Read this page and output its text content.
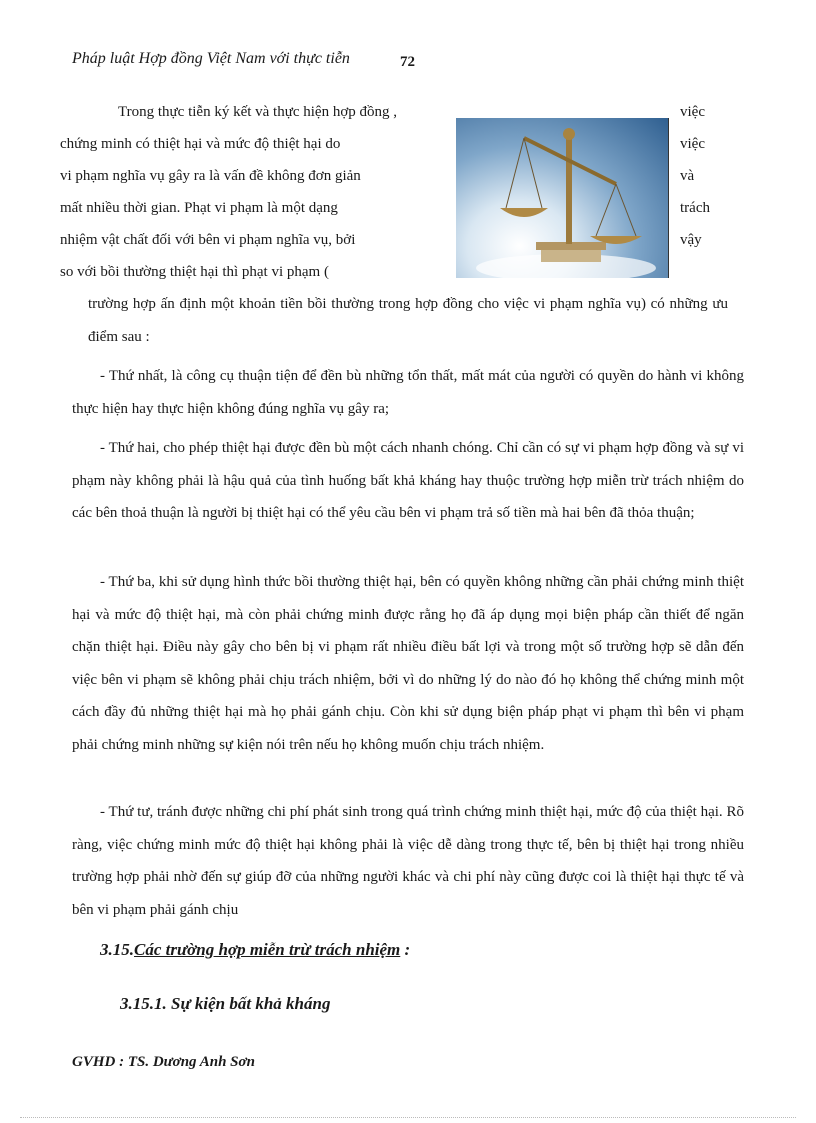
Pháp luật Hợp đồng Việt Nam với thực tiễn	72
Trong thực tiễn ký kết và thực hiện hợp đồng ,	việc
chứng minh có thiệt hại và mức độ thiệt hại do	việc
vi phạm nghĩa vụ gây ra là vấn đề không đơn giản	và
mất nhiều thời gian. Phạt vi phạm là một dạng	trách
nhiệm vật chất đối với bên vi phạm nghĩa vụ, bởi	vậy
so với bồi thường thiệt hại thì phạt vi phạm (
trường hợp ấn định một khoản tiền bồi thường trong hợp đồng cho việc vi phạm nghĩa vụ) có những ưu điểm sau :
- Thứ nhất, là công cụ thuận tiện để đền bù những tổn thất, mất mát của người có quyền do hành vi không thực hiện hay thực hiện không đúng nghĩa vụ gây ra;
- Thứ hai, cho phép thiệt hại được đền bù một cách nhanh chóng. Chỉ cần có sự vi phạm hợp đồng và sự vi phạm này không phải là hậu quả của tình huống bất khả kháng hay thuộc trường hợp miễn trừ trách nhiệm do các bên thoả thuận là người bị thiệt hại có thể yêu cầu bên vi phạm trả số tiền mà hai bên đã thỏa thuận;
- Thứ ba, khi sử dụng hình thức bồi thường thiệt hại, bên có quyền không những cần phải chứng minh thiệt hại và mức độ thiệt hại, mà còn phải chứng minh được rằng họ đã áp dụng mọi biện pháp cần thiết để ngăn chặn thiệt hại. Điều này gây cho bên bị vi phạm rất nhiều điều bất lợi và trong một số trường hợp sẽ dẫn đến việc bên vi phạm sẽ không phải chịu trách nhiệm, bởi vì do những lý do nào đó họ không thể chứng minh một cách đầy đủ những thiệt hại mà họ phải gánh chịu. Còn khi sử dụng biện pháp phạt vi phạm thì bên vi phạm phải chứng minh những sự kiện nói trên nếu họ không muốn chịu trách nhiệm.
- Thứ tư, tránh được những chi phí phát sinh trong quá trình chứng minh thiệt hại, mức độ của thiệt hại. Rõ ràng, việc chứng minh mức độ thiệt hại không phải là việc dễ dàng trong thực tế, bên bị thiệt hại trong nhiều trường hợp phải nhờ đến sự giúp đỡ của những người khác và chi phí này cũng được coi là thiệt hại thực tế và bên vi phạm phải gánh chịu
3.15.Các trường hợp miễn trừ trách nhiệm :
3.15.1. Sự kiện bất khả kháng
GVHD : TS. Dương Anh Sơn
